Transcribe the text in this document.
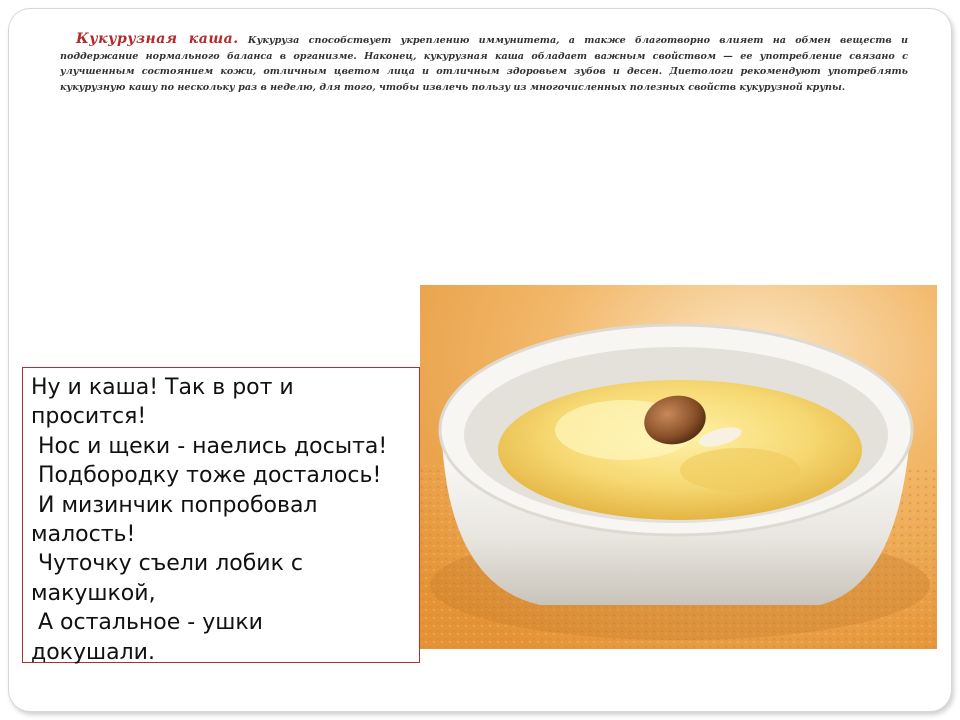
Кукурузная каша. Кукуруза способствует укреплению иммунитета, а также благотворно влияет на обмен веществ и поддержание нормального баланса в организме. Наконец, кукурузная каша обладает важным свойством — ее употребление связано с улучшенным состоянием кожи, отличным цветом лица и отличным здоровьем зубов и десен. Диетологи рекомендуют употреблять кукурузную кашу по нескольку раз в неделю, для того, чтобы извлечь пользу из многочисленных полезных свойств кукурузной крупы.

Ну и каша! Так в рот и
просится!
Нос и щеки - наелись досыта!
Подбородку тоже досталось!
И мизинчик попробовал
малость!
Чуточку съели лобик с
макушкой,
А остальное - ушки
докушали.
